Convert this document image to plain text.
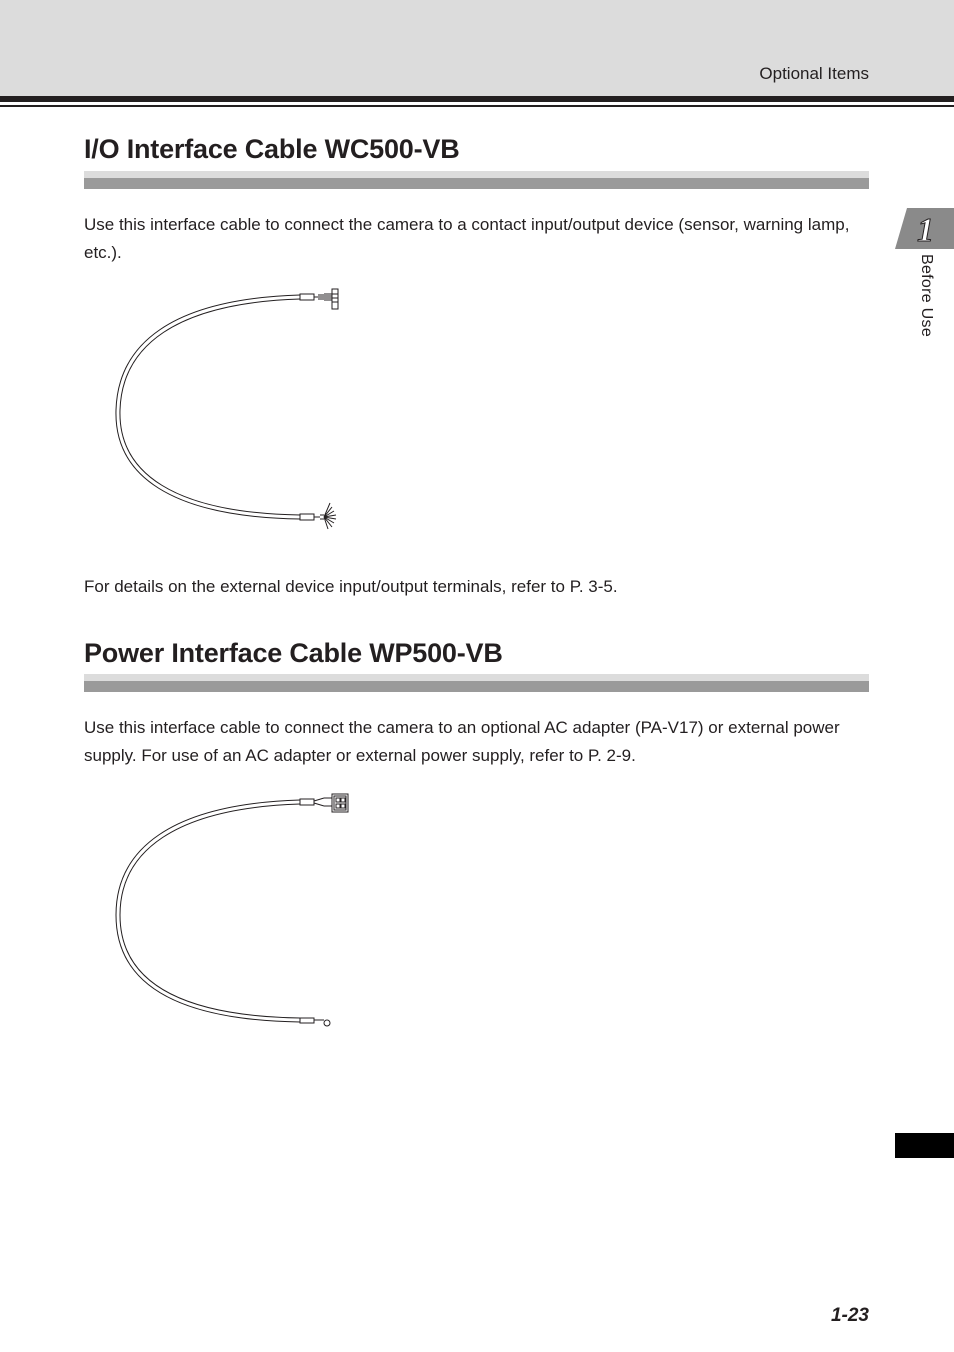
Optional Items
1
Before Use
I/O Interface Cable WC500-VB

Use this interface cable to connect the camera to a contact input/output device (sensor, warning lamp, etc.).

For details on the external device input/output terminals, refer to P. 3-5.

Power Interface Cable WP500-VB

Use this interface cable to connect the camera to an optional AC adapter (PA-V17) or external power supply. For use of an AC adapter or external power supply, refer to P. 2-9.

1-23
